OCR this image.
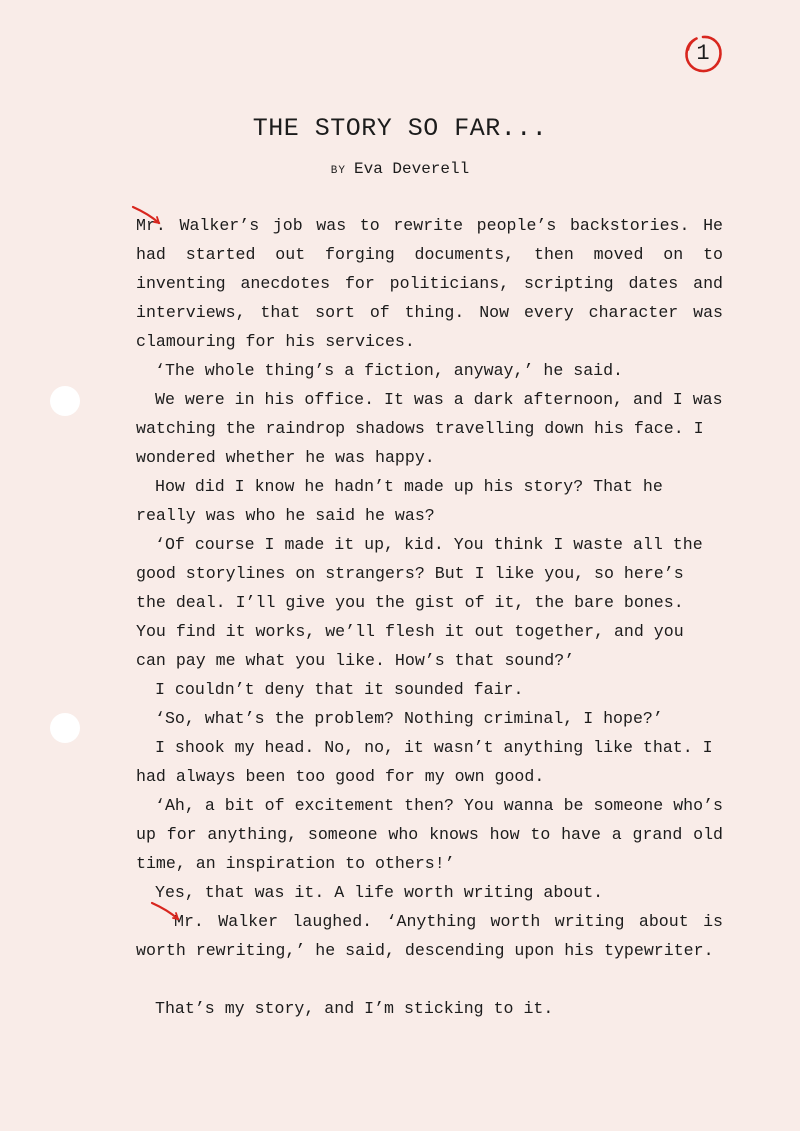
1
THE STORY SO FAR...
BY Eva Deverell

Mr.
Walker’s job was to rewrite people’s backstories. He had started out forging documents, then moved on to inventing anecdotes for politicians, scripting dates and interviews, that sort of thing. Now every character was clamouring for his services.

‘The whole thing’s a fiction, anyway,’ he said.

We were in his office. It was a dark afternoon, and I was watching the raindrop shadows travelling down his face. I wondered whether he was happy.

How did I know he hadn’t made up his story? That he really was who he said he was?

‘Of course I made it up, kid. You think I waste all the good storylines on strangers? But I like you, so here’s the deal. I’ll give you the gist of it, the bare bones. You find it works, we’ll flesh it out together, and you can pay me what you like. How’s that sound?’

I couldn’t deny that it sounded fair.

‘So, what’s the problem? Nothing criminal, I hope?’

I shook my head. No, no, it wasn’t anything like that. I had always been too good for my own good.

‘Ah, a bit of excitement then? You wanna be someone who’s up for anything, someone who knows how to have a grand old time, an inspiration to others!’

Yes, that was it. A life worth writing about.

Mr.
Walker laughed. ‘Anything worth writing about is worth rewriting,’ he said, descending upon his typewriter.

That’s my story, and I’m sticking to it.
